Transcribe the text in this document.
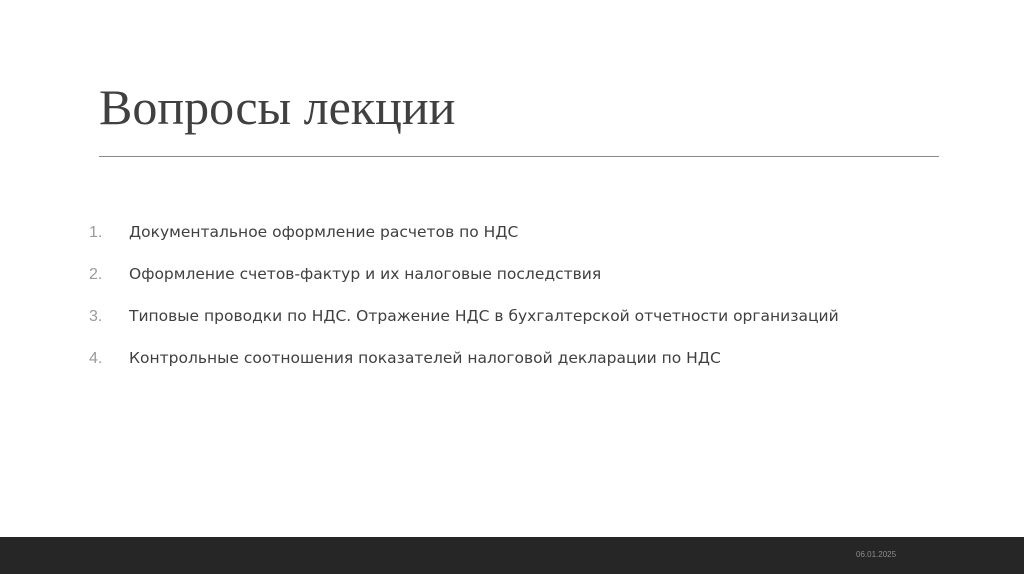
Вопросы лекции
1.	Документальное оформление расчетов по НДС
2.	Оформление счетов-фактур и их налоговые последствия
3.	Типовые проводки по НДС. Отражение НДС в бухгалтерской отчетности организаций
4.	Контрольные соотношения показателей налоговой декларации по НДС
06.01.2025
